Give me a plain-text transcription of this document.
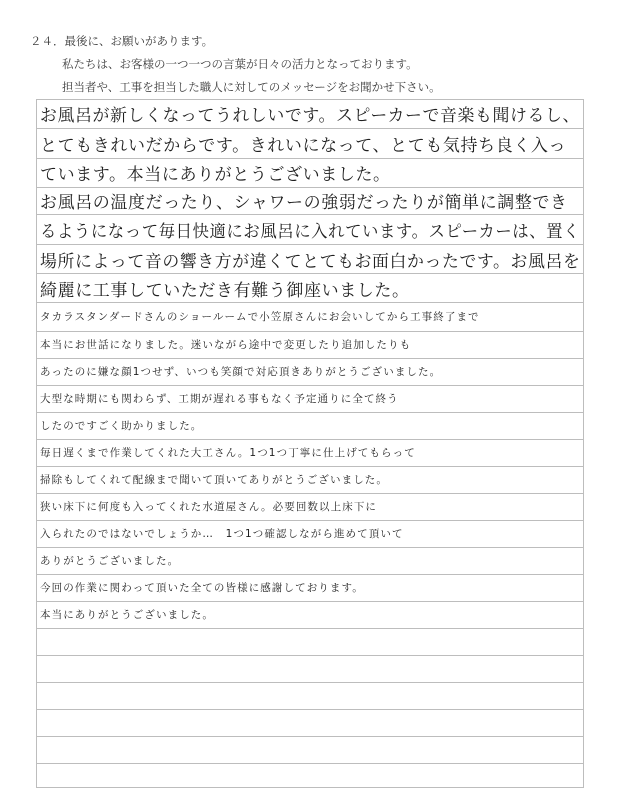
２４．最後に、お願いがあります。
私たちは、お客様の一つ一つの言葉が日々の活力となっております。
担当者や、工事を担当した職人に対してのメッセージをお聞かせ下さい。
お風呂が新しくなってうれしいです。スピーカーで音楽も聞けるし、
とてもきれいだからです。きれいになって、とても気持ち良く入っ
ています。本当にありがとうございました。
お風呂の温度だったり、シャワーの強弱だったりが簡単に調整でき
るようになって毎日快適にお風呂に入れています。スピーカーは、置く
場所によって音の響き方が違くてとてもお面白かったです。お風呂を
綺麗に工事していただき有難う御座いました。
タカラスタンダードさんのショールームで小笠原さんにお会いしてから工事終了まで
本当にお世話になりました。迷いながら途中で変更したり追加したりも
あったのに嫌な顔1つせず、いつも笑顔で対応頂きありがとうございました。
大型な時期にも関わらず、工期が遅れる事もなく予定通りに全て終う
したのですごく助かりました。
毎日遅くまで作業してくれた大工さん。1つ1つ丁寧に仕上げてもらって
掃除もしてくれて配線まで聞いて頂いてありがとうございました。
狭い床下に何度も入ってくれた水道屋さん。必要回数以上床下に
入られたのではないでしょうか…　1つ1つ確認しながら進めて頂いて
ありがとうございました。
今回の作業に関わって頂いた全ての皆様に感謝しております。
本当にありがとうございました。
